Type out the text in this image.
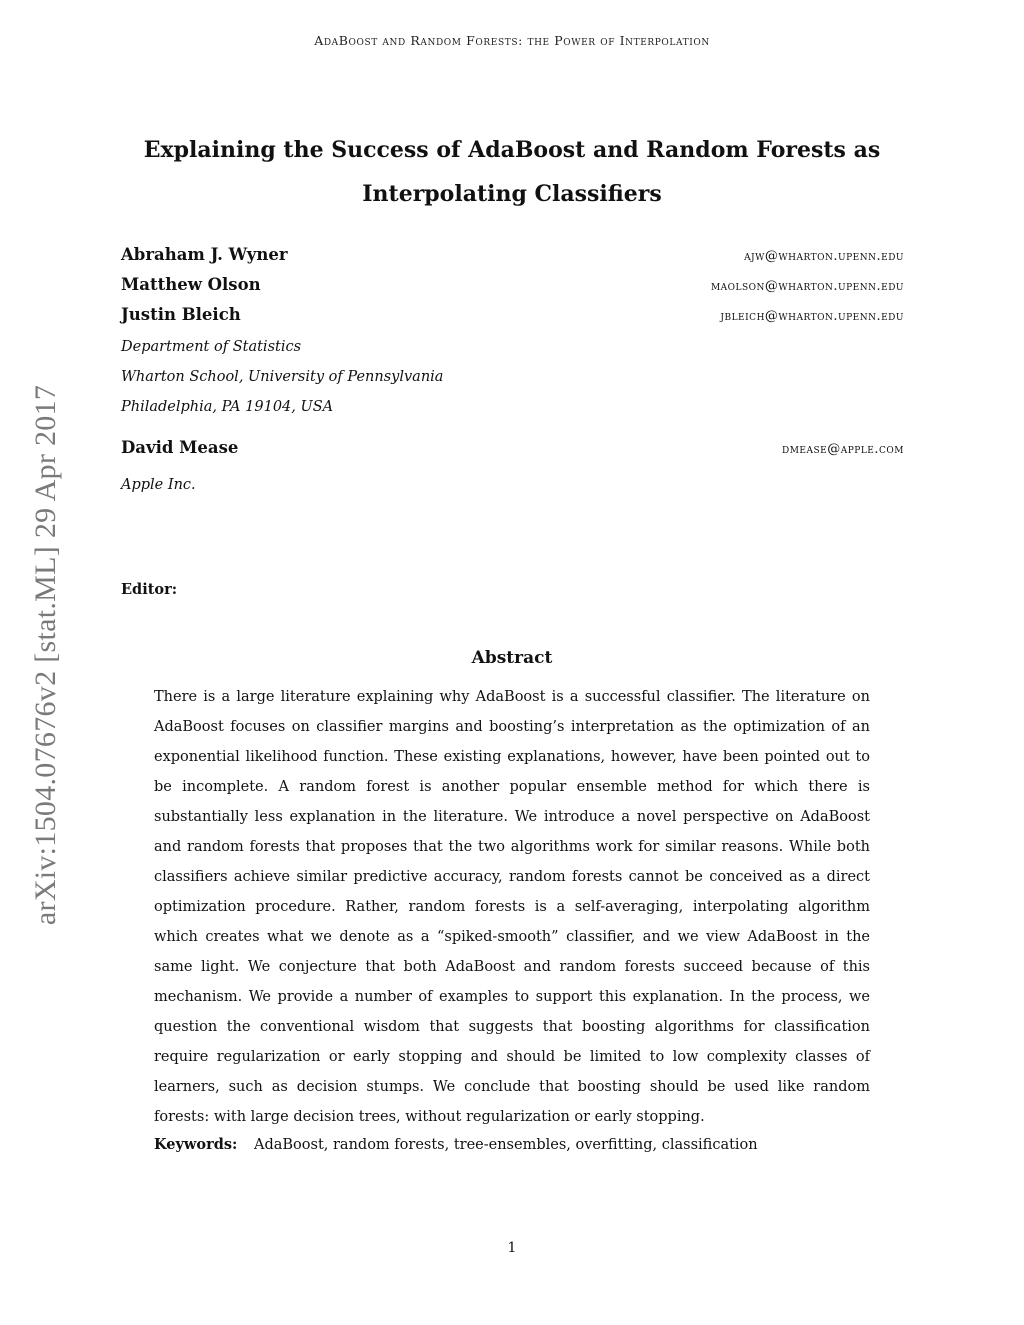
AdaBoost and Random Forests: the Power of Interpolation
Explaining the Success of AdaBoost and Random Forests as
Interpolating Classifiers
Abraham J. Wyner	ajw@wharton.upenn.edu
Matthew Olson	maolson@wharton.upenn.edu
Justin Bleich	jbleich@wharton.upenn.edu
Department of Statistics
Wharton School, University of Pennsylvania
Philadelphia, PA 19104, USA
David Mease	dmease@apple.com
Apple Inc.
Editor:
Abstract

There is a large literature explaining why AdaBoost is a successful classifier. The literature on AdaBoost focuses on classifier margins and boosting’s interpretation as the optimization of an exponential likelihood function. These existing explanations, however, have been pointed out to be incomplete. A random forest is another popular ensemble method for which there is substantially less explanation in the literature. We introduce a novel perspective on AdaBoost and random forests that proposes that the two algorithms work for similar reasons. While both classifiers achieve similar predictive accuracy, random forests cannot be conceived as a direct optimization procedure. Rather, random forests is a self-averaging, interpolating algorithm which creates what we denote as a “spiked-smooth” classifier, and we view AdaBoost in the same light. We conjecture that both AdaBoost and random forests succeed because of this mechanism. We provide a number of examples to support this explanation. In the process, we question the conventional wisdom that suggests that boosting algorithms for classification require regularization or early stopping and should be limited to low complexity classes of learners, such as decision stumps. We conclude that boosting should be used like random forests: with large decision trees, without regularization or early stopping.

Keywords: AdaBoost, random forests, tree-ensembles, overfitting, classification
1
arXiv:1504.07676v2 [stat.ML] 29 Apr 2017
